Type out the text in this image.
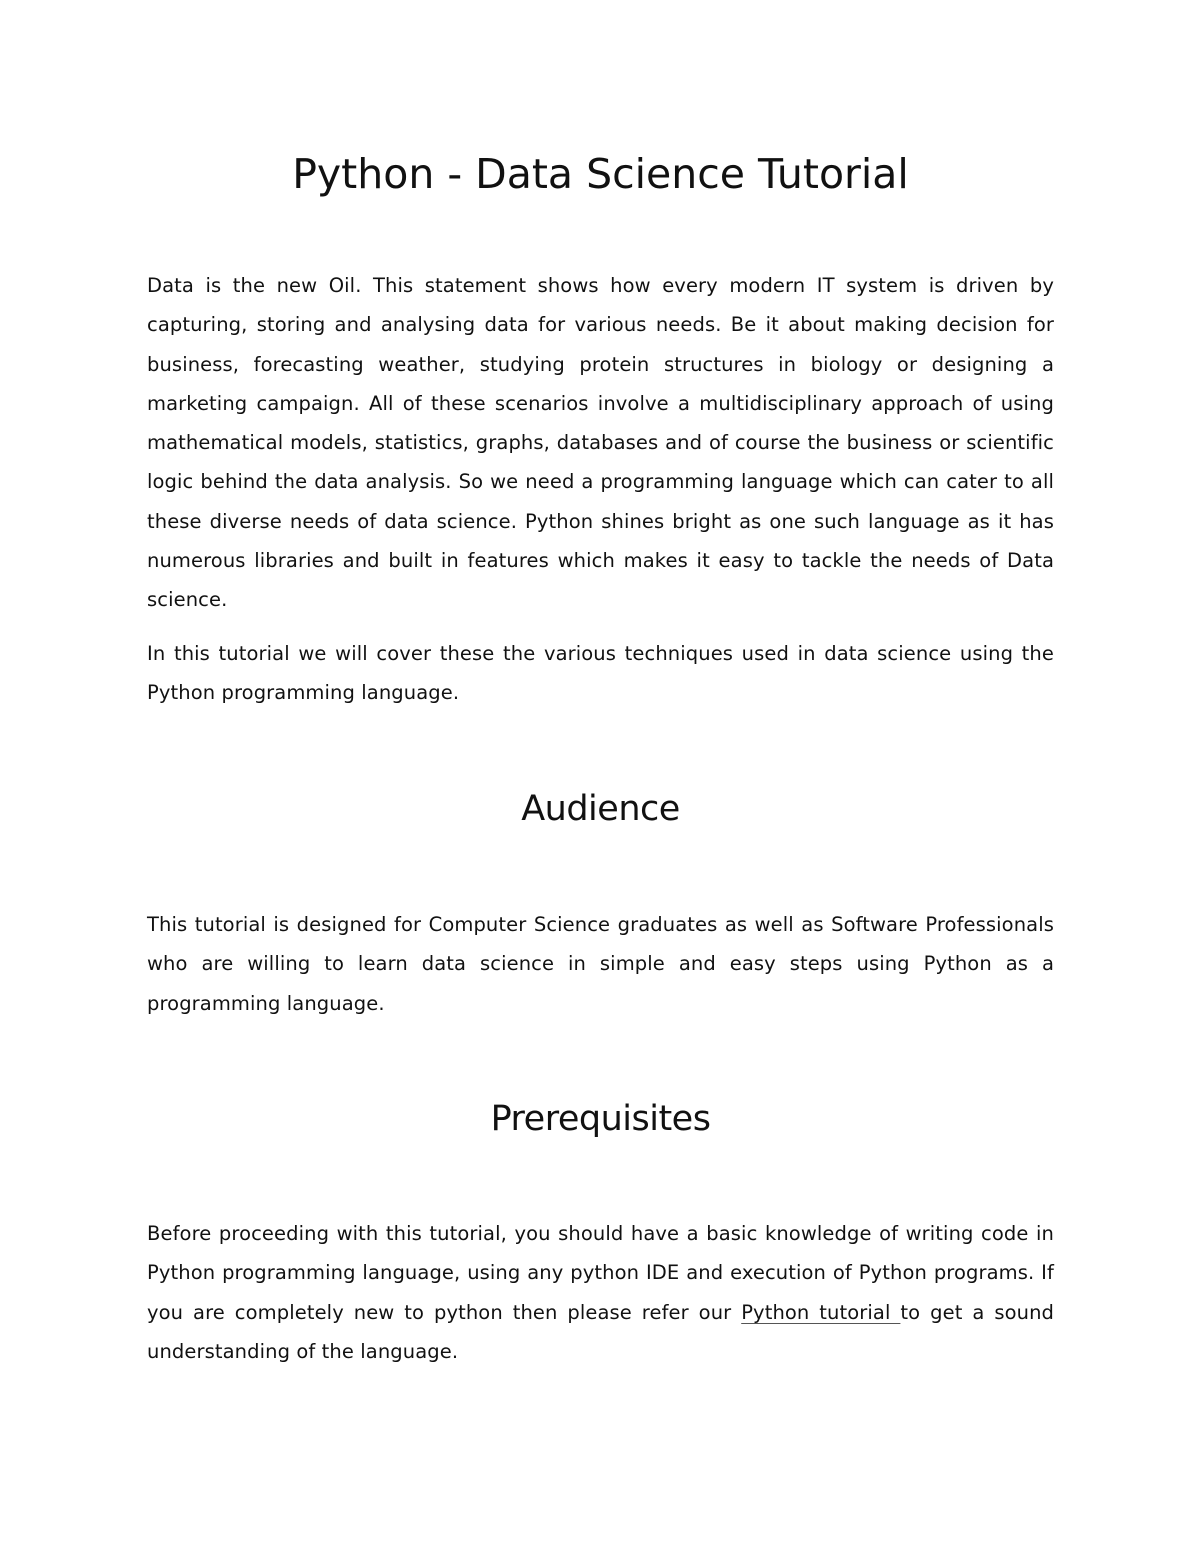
Python - Data Science Tutorial

Data is the new Oil. This statement shows how every modern IT system is driven by capturing, storing and analysing data for various needs. Be it about making decision for business, forecasting weather, studying protein structures in biology or designing a marketing campaign. All of these scenarios involve a multidisciplinary approach of using mathematical models, statistics, graphs, databases and of course the business or scientific logic behind the data analysis. So we need a programming language which can cater to all these diverse needs of data science. Python shines bright as one such language as it has numerous libraries and built in features which makes it easy to tackle the needs of Data science.

In this tutorial we will cover these the various techniques used in data science using the Python programming language.

Audience

This tutorial is designed for Computer Science graduates as well as Software Professionals who are willing to learn data science in simple and easy steps using Python as a programming language.

Prerequisites

Before proceeding with this tutorial, you should have a basic knowledge of writing code in Python programming language, using any python IDE and execution of Python programs. If you are completely new to python then please refer our Python tutorial to get a sound understanding of the language.
